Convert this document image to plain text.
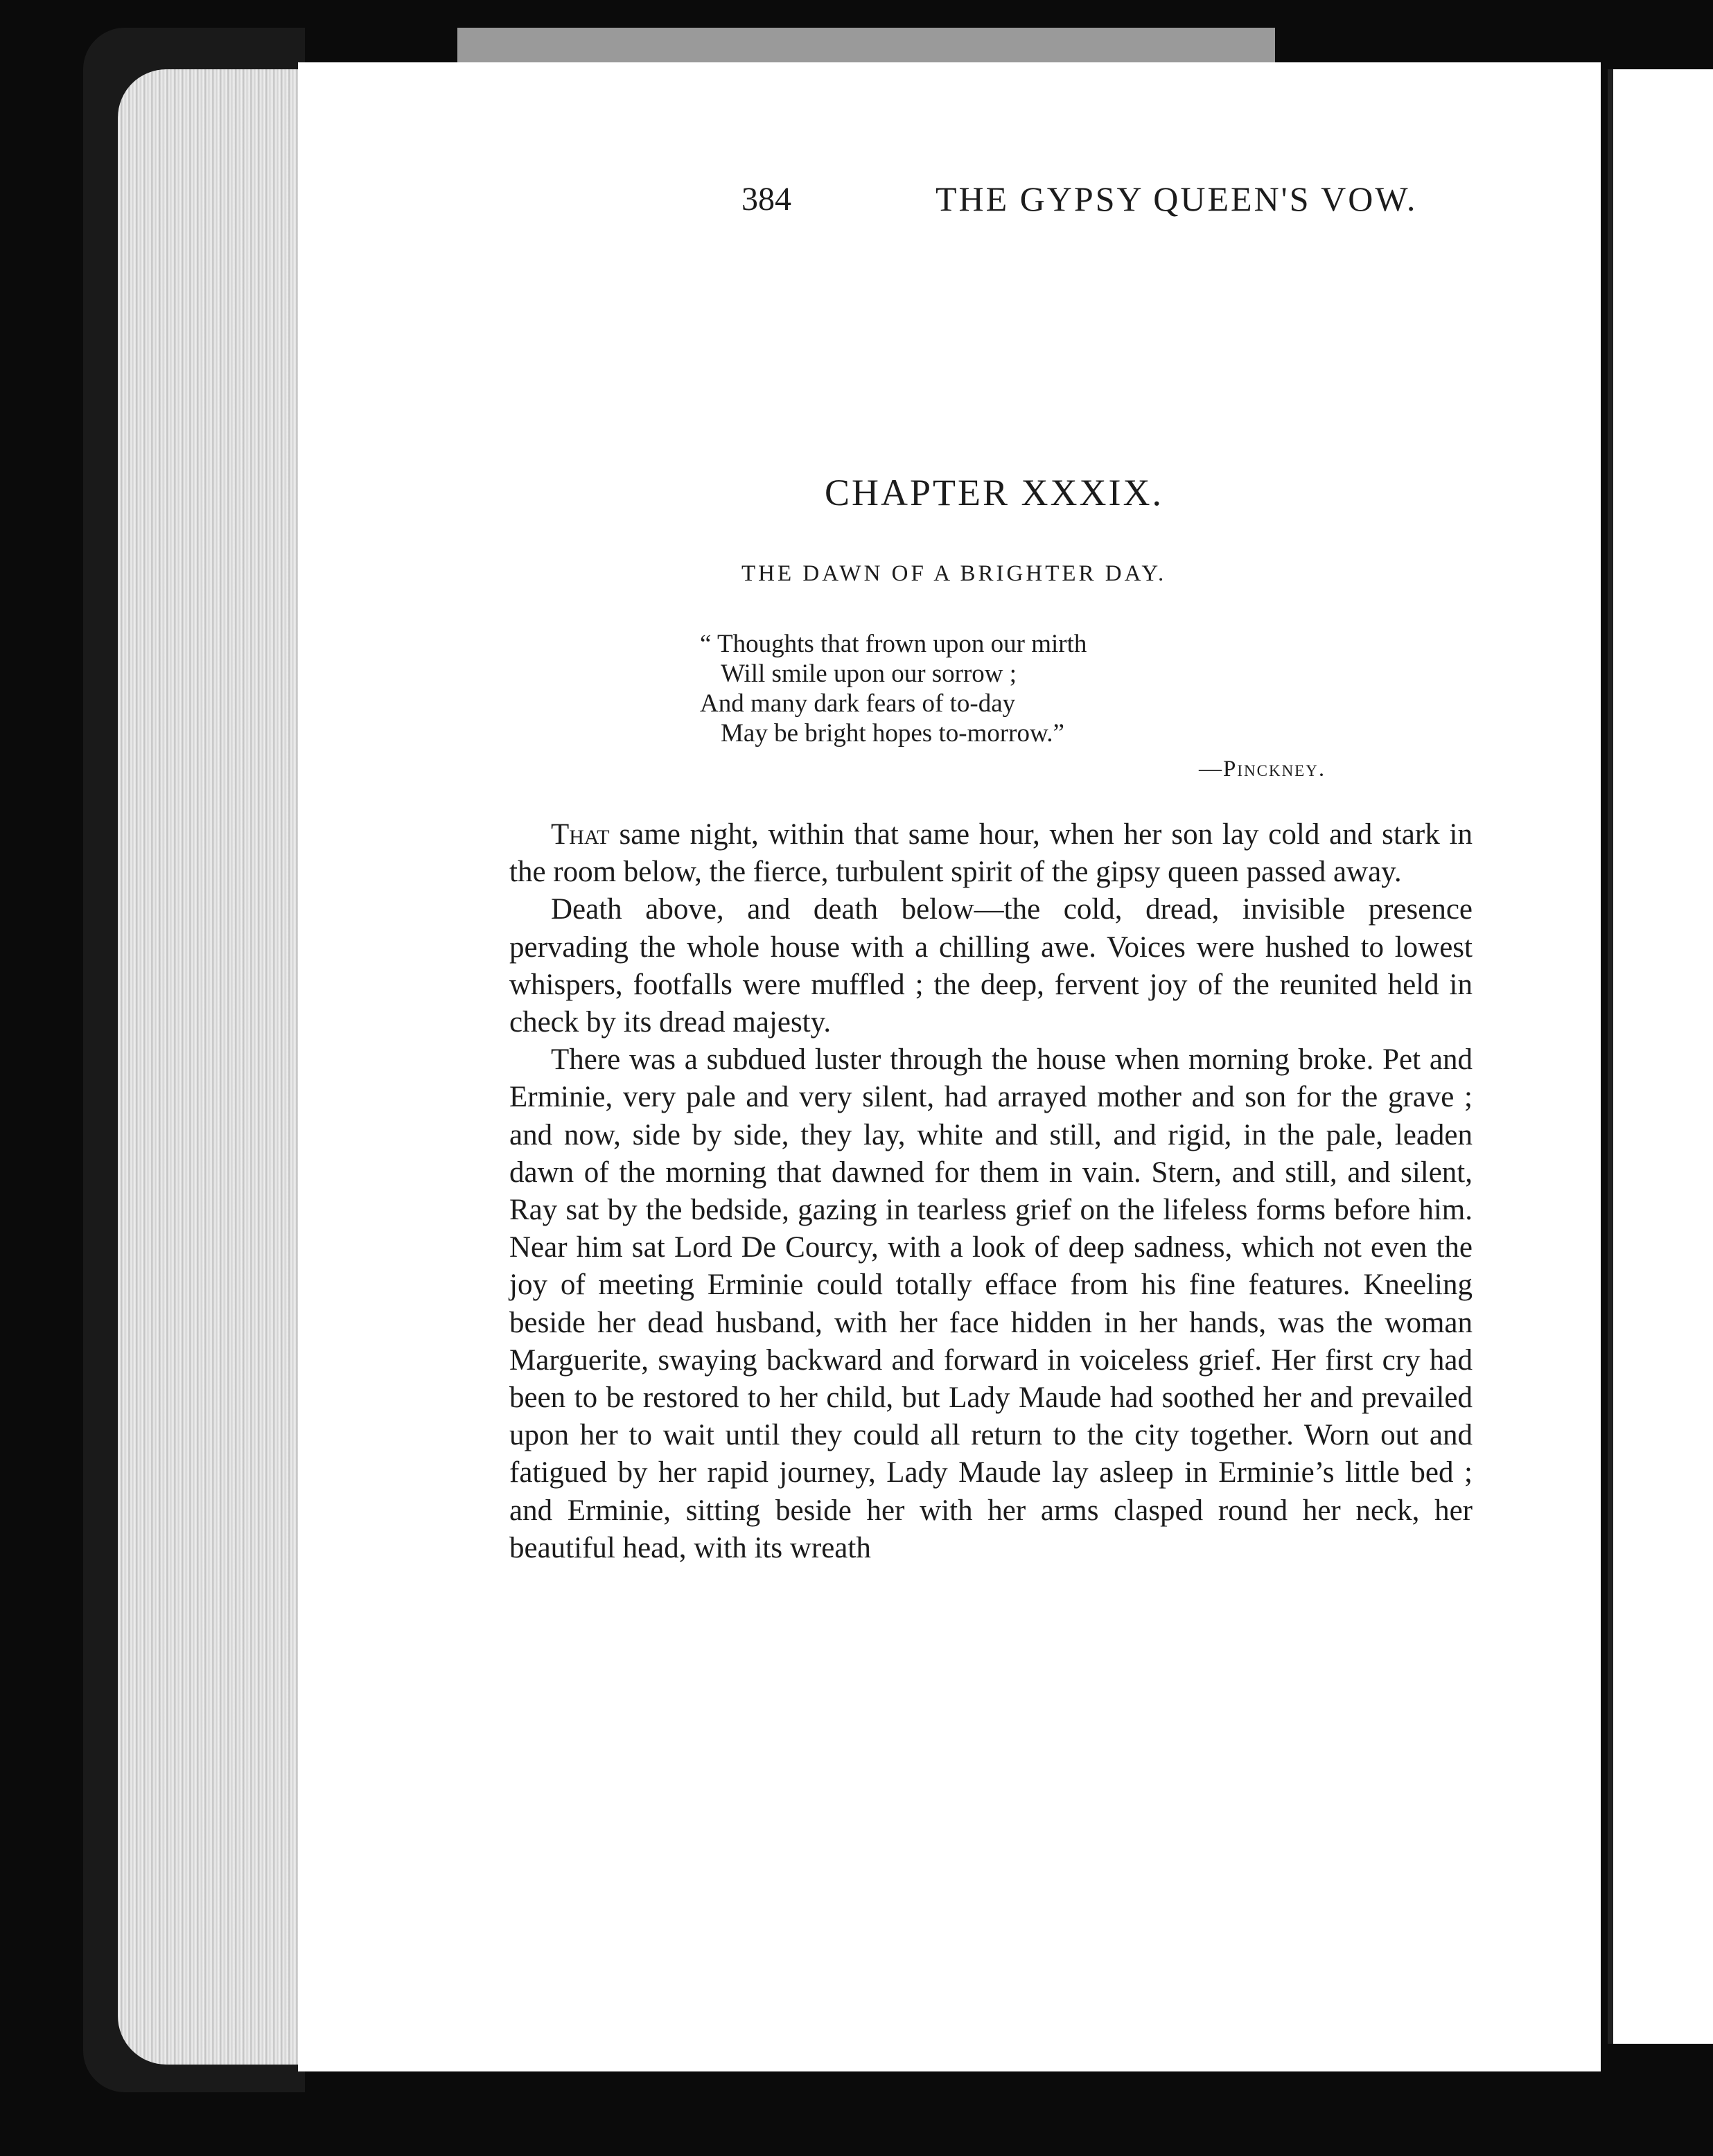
384	THE GYPSY QUEEN'S VOW.
CHAPTER XXXIX.
THE DAWN OF A BRIGHTER DAY.
“ Thoughts that frown upon our mirth
Will smile upon our sorrow ;
And many dark fears of to-day
May be bright hopes to-morrow.”
—Pinckney.

That same night, within that same hour, when her son lay cold and stark in the room below, the fierce, turbulent spirit of the gipsy queen passed away.

Death above, and death below—the cold, dread, invisible presence pervading the whole house with a chilling awe. Voices were hushed to lowest whispers, footfalls were muffled ; the deep, fervent joy of the reunited held in check by its dread majesty.

There was a subdued luster through the house when morning broke. Pet and Erminie, very pale and very silent, had arrayed mother and son for the grave ; and now, side by side, they lay, white and still, and rigid, in the pale, leaden dawn of the morning that dawned for them in vain. Stern, and still, and silent, Ray sat by the bedside, gazing in tearless grief on the lifeless forms before him. Near him sat Lord De Courcy, with a look of deep sadness, which not even the joy of meeting Erminie could totally efface from his fine features. Kneeling beside her dead husband, with her face hidden in her hands, was the woman Marguerite, swaying backward and forward in voiceless grief. Her first cry had been to be restored to her child, but Lady Maude had soothed her and prevailed upon her to wait until they could all return to the city together. Worn out and fatigued by her rapid journey, Lady Maude lay asleep in Erminie’s little bed ; and Erminie, sitting beside her with her arms clasped round her neck, her beautiful head, with its wreath
